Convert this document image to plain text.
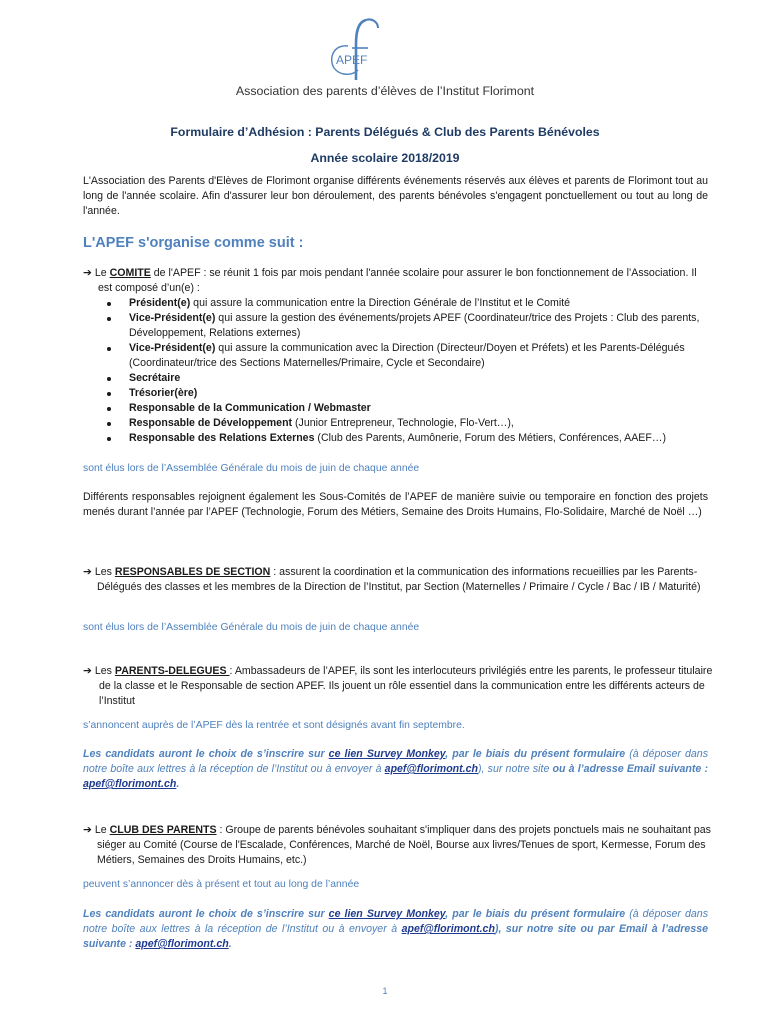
APEF
Association des parents d’élèves de l’Institut Florimont
Formulaire d’Adhésion : Parents Délégués & Club des Parents Bénévoles
Année scolaire 2018/2019
L'Association des Parents d'Elèves de Florimont organise différents événements réservés aux élèves et parents de Florimont tout au long de l'année scolaire. Afin d'assurer leur bon déroulement, des parents bénévoles s'engagent ponctuellement ou tout au long de l'année.
L'APEF s'organise comme suit :
➔ Le COMITE de l'APEF : se réunit 1 fois par mois pendant l'année scolaire pour assurer le bon fonctionnement de l’Association. Il est composé d’un(e) :
Président(e) qui assure la communication entre la Direction Générale de l’Institut et le Comité
Vice-Président(e) qui assure la gestion des événements/projets APEF (Coordinateur/trice des Projets : Club des parents, Développement, Relations externes)
Vice-Président(e) qui assure la communication avec la Direction (Directeur/Doyen et Préfets) et les Parents-Délégués (Coordinateur/trice des Sections Maternelles/Primaire, Cycle et Secondaire)
Secrétaire
Trésorier(ère)
Responsable de la Communication / Webmaster
Responsable de Développement (Junior Entrepreneur, Technologie, Flo-Vert…),
Responsable des Relations Externes (Club des Parents, Aumônerie, Forum des Métiers, Conférences, AAEF…)
sont élus lors de l’Assemblée Générale du mois de juin de chaque année
Différents responsables rejoignent également les Sous-Comités de l’APEF de manière suivie ou temporaire en fonction des projets menés durant l’année par l’APEF (Technologie, Forum des Métiers, Semaine des Droits Humains, Flo-Solidaire, Marché de Noël …)
➔ Les RESPONSABLES DE SECTION : assurent la coordination et la communication des informations recueillies par les Parents-Délégués des classes et les membres de la Direction de l’Institut, par Section (Maternelles / Primaire / Cycle / Bac / IB / Maturité)
sont élus lors de l’Assemblée Générale du mois de juin de chaque année
➔ Les PARENTS-DELEGUES : Ambassadeurs de l’APEF, ils sont les interlocuteurs privilégiés entre les parents, le professeur titulaire de la classe et le Responsable de section APEF. Ils jouent un rôle essentiel dans la communication entre les différents acteurs de l’Institut
s’annoncent auprès de l’APEF dès la rentrée et sont désignés avant fin septembre.
Les candidats auront le choix de s’inscrire sur ce lien Survey Monkey, par le biais du présent formulaire (à déposer dans notre boîte aux lettres à la réception de l’Institut ou à envoyer à apef@florimont.ch), sur notre site ou à l’adresse Email suivante : apef@florimont.ch.
➔ Le CLUB DES PARENTS : Groupe de parents bénévoles souhaitant s'impliquer dans des projets ponctuels mais ne souhaitant pas siéger au Comité (Course de l'Escalade, Conférences, Marché de Noël, Bourse aux livres/Tenues de sport, Kermesse, Forum des Métiers, Semaines des Droits Humains, etc.)
peuvent s’annoncer dès à présent et tout au long de l’année
Les candidats auront le choix de s’inscrire sur ce lien Survey Monkey, par le biais du présent formulaire (à déposer dans notre boîte aux lettres à la réception de l’Institut ou à envoyer à apef@florimont.ch), sur notre site ou par Email à l’adresse suivante : apef@florimont.ch.
1
